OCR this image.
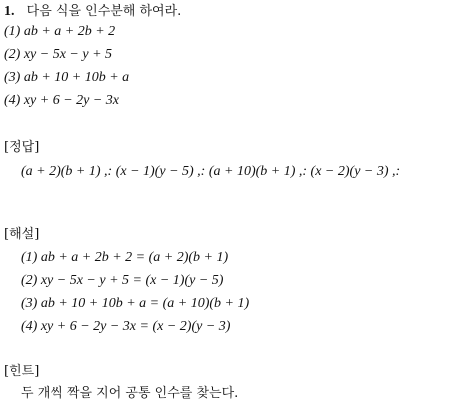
1. 다음 식을 인수분해 하여라.
(1) ab + a + 2b + 2
(2) xy − 5x − y + 5
(3) ab + 10 + 10b + a
(4) xy + 6 − 2y − 3x
[정답]
(a + 2)(b + 1) ,: (x − 1)(y − 5) ,: (a + 10)(b + 1) ,: (x − 2)(y − 3) ,:
[해설]
(1) ab + a + 2b + 2 = (a + 2)(b + 1)
(2) xy − 5x − y + 5 = (x − 1)(y − 5)
(3) ab + 10 + 10b + a = (a + 10)(b + 1)
(4) xy + 6 − 2y − 3x = (x − 2)(y − 3)
[힌트]
두 개씩 짝을 지어 공통 인수를 찾는다.
